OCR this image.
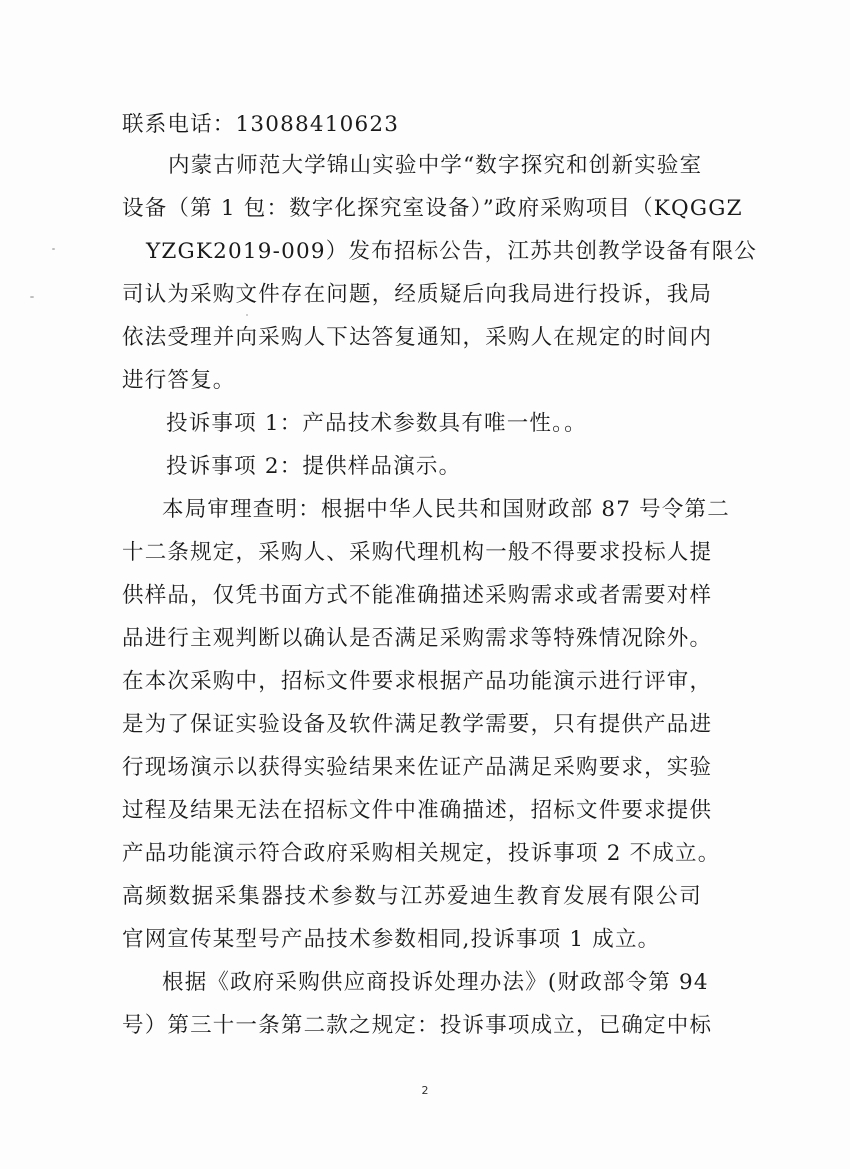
联系电话：13088410623
内蒙古师范大学锦山实验中学“数字探究和创新实验室
设备（第 1 包：数字化探究室设备）”政府采购项目（KQGGZ
YZGK2019-009）发布招标公告，江苏共创教学设备有限公
司认为采购文件存在问题，经质疑后向我局进行投诉，我局
依法受理并向采购人下达答复通知，采购人在规定的时间内
进行答复。
投诉事项 1：产品技术参数具有唯一性。。
投诉事项 2：提供样品演示。
本局审理查明：根据中华人民共和国财政部 87 号令第二
十二条规定，采购人、采购代理机构一般不得要求投标人提
供样品，仅凭书面方式不能准确描述采购需求或者需要对样
品进行主观判断以确认是否满足采购需求等特殊情况除外。
在本次采购中，招标文件要求根据产品功能演示进行评审，
是为了保证实验设备及软件满足教学需要，只有提供产品进
行现场演示以获得实验结果来佐证产品满足采购要求，实验
过程及结果无法在招标文件中准确描述，招标文件要求提供
产品功能演示符合政府采购相关规定，投诉事项 2 不成立。
高频数据采集器技术参数与江苏爱迪生教育发展有限公司
官网宣传某型号产品技术参数相同,投诉事项 1 成立。
根据《政府采购供应商投诉处理办法》(财政部令第 94
号）第三十一条第二款之规定：投诉事项成立，已确定中标
2
